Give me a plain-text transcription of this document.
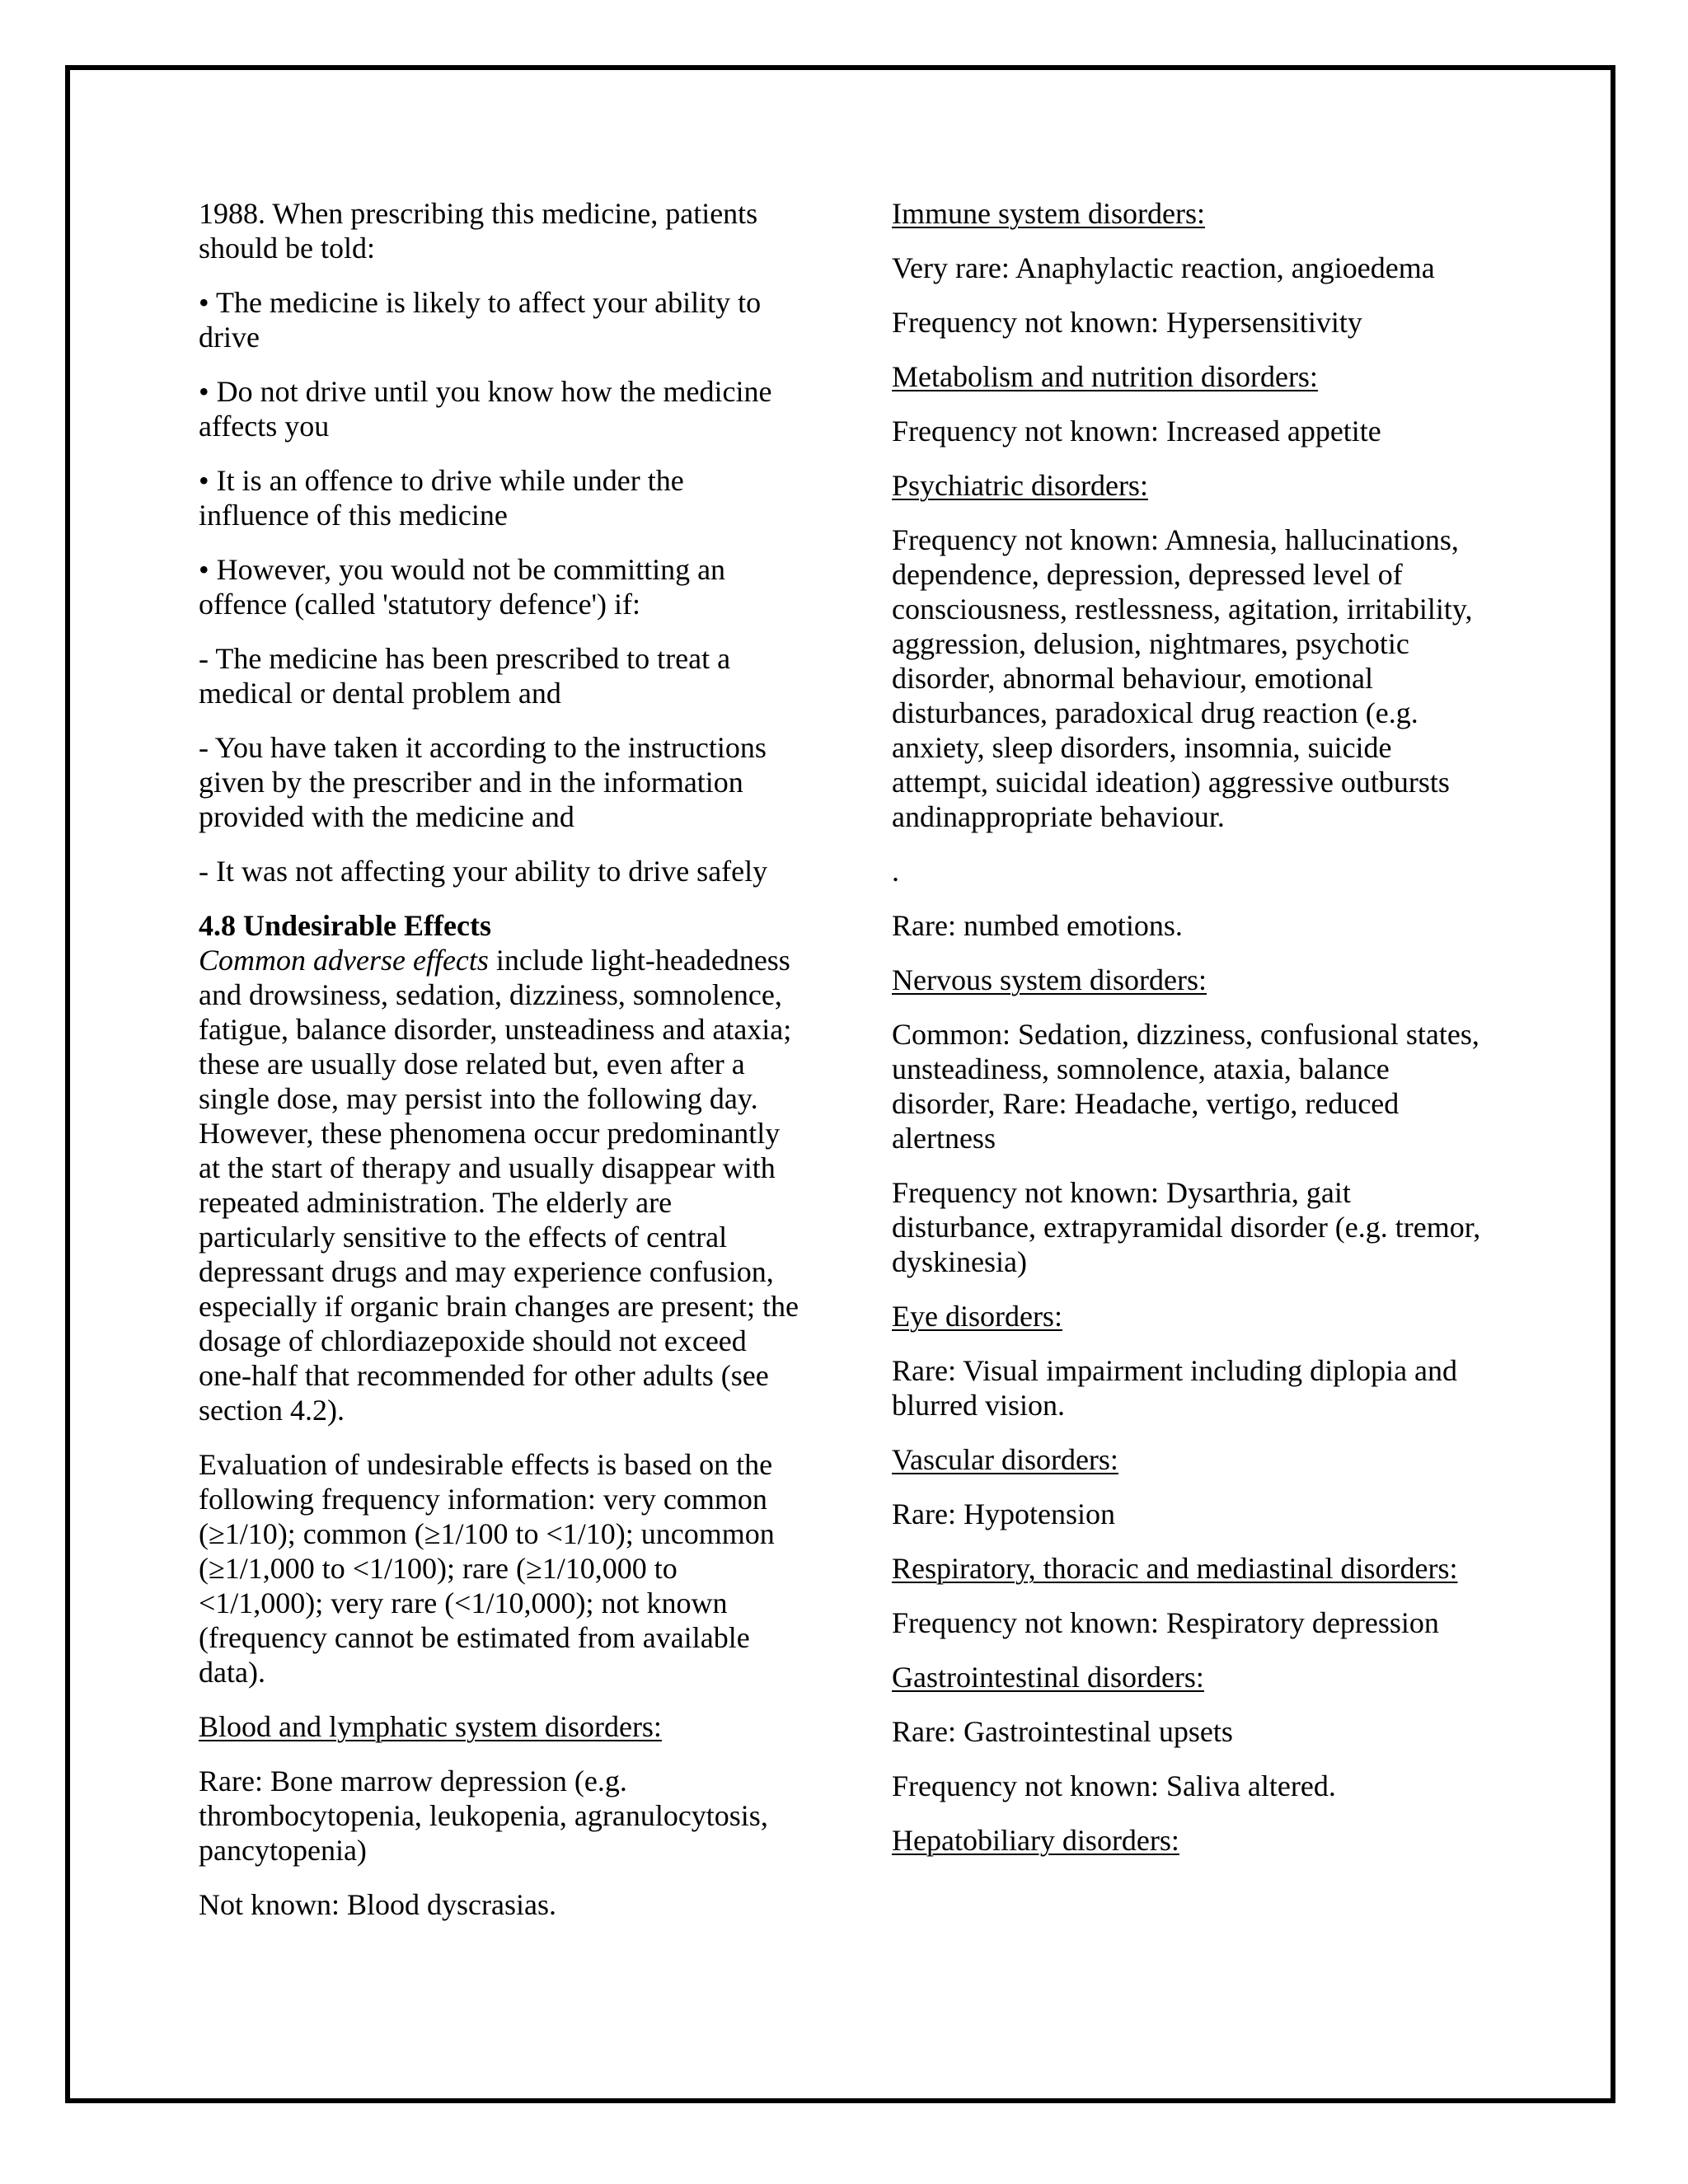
1988. When prescribing this medicine, patients should be told:

• The medicine is likely to affect your ability to drive

• Do not drive until you know how the medicine affects you

• It is an offence to drive while under the influence of this medicine

• However, you would not be committing an offence (called 'statutory defence') if:

- The medicine has been prescribed to treat a medical or dental problem and

- You have taken it according to the instructions given by the prescriber and in the information provided with the medicine and

- It was not affecting your ability to drive safely

4.8 Undesirable Effects

Common adverse effects include light-headedness and drowsiness, sedation, dizziness, somnolence, fatigue, balance disorder, unsteadiness and ataxia; these are usually dose related but, even after a single dose, may persist into the following day. However, these phenomena occur predominantly at the start of therapy and usually disappear with repeated administration. The elderly are particularly sensitive to the effects of central depressant drugs and may experience confusion, especially if organic brain changes are present; the dosage of chlordiazepoxide should not exceed one-half that recommended for other adults (see section 4.2).

Evaluation of undesirable effects is based on the following frequency information: very common (≥1/10); common (≥1/100 to <1/10); uncommon (≥1/1,000 to <1/100); rare (≥1/10,000 to <1/1,000); very rare (<1/10,000); not known (frequency cannot be estimated from available data).

Blood and lymphatic system disorders:

Rare: Bone marrow depression (e.g. thrombocytopenia, leukopenia, agranulocytosis, pancytopenia)

Not known: Blood dyscrasias.

Immune system disorders:

Very rare: Anaphylactic reaction, angioedema

Frequency not known: Hypersensitivity

Metabolism and nutrition disorders:

Frequency not known: Increased appetite

Psychiatric disorders:

Frequency not known: Amnesia, hallucinations, dependence, depression, depressed level of consciousness, restlessness, agitation, irritability, aggression, delusion, nightmares, psychotic disorder, abnormal behaviour, emotional disturbances, paradoxical drug reaction (e.g. anxiety, sleep disorders, insomnia, suicide attempt, suicidal ideation) aggressive outbursts andinappropriate behaviour.

.

Rare: numbed emotions.

Nervous system disorders:

Common: Sedation, dizziness, confusional states, unsteadiness, somnolence, ataxia, balance disorder, Rare: Headache, vertigo, reduced alertness

Frequency not known: Dysarthria, gait disturbance, extrapyramidal disorder (e.g. tremor, dyskinesia)

Eye disorders:

Rare: Visual impairment including diplopia and blurred vision.

Vascular disorders:

Rare: Hypotension

Respiratory, thoracic and mediastinal disorders:

Frequency not known: Respiratory depression

Gastrointestinal disorders:

Rare: Gastrointestinal upsets

Frequency not known: Saliva altered.

Hepatobiliary disorders:
